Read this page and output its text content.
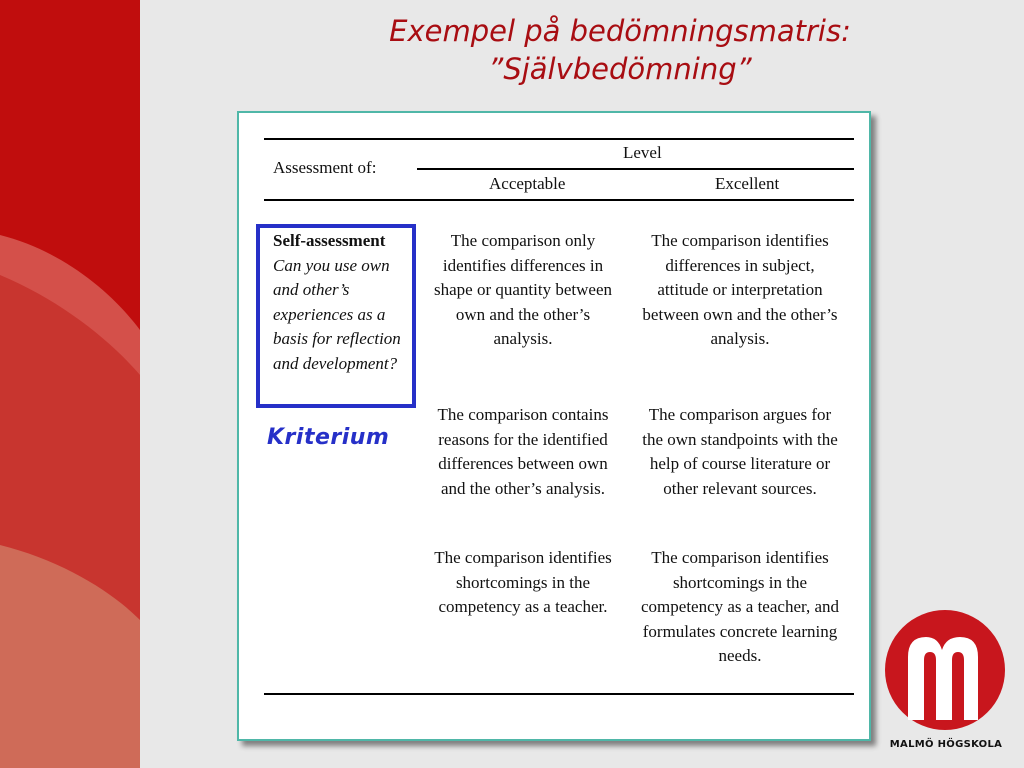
Exempel på bedömningsmatris:
”Självbedömning”
Assessment of:
Level
Acceptable	Excellent
Self-assessment
Can you use own and other’s experiences as a basis for reflection and development?
Kriterium
The comparison only identifies differences in shape or quantity between own and the other’s analysis.
The comparison identifies differences in subject, attitude or interpretation between own and the other’s analysis.
The comparison contains reasons for the identified differences between own and the other’s analysis.
The comparison argues for the own standpoints with the help of course literature or other relevant sources.
The comparison identifies shortcomings in the competency as a teacher.
The comparison identifies shortcomings in the competency as a teacher, and formulates concrete learning needs.
MALMÖ HÖGSKOLA
